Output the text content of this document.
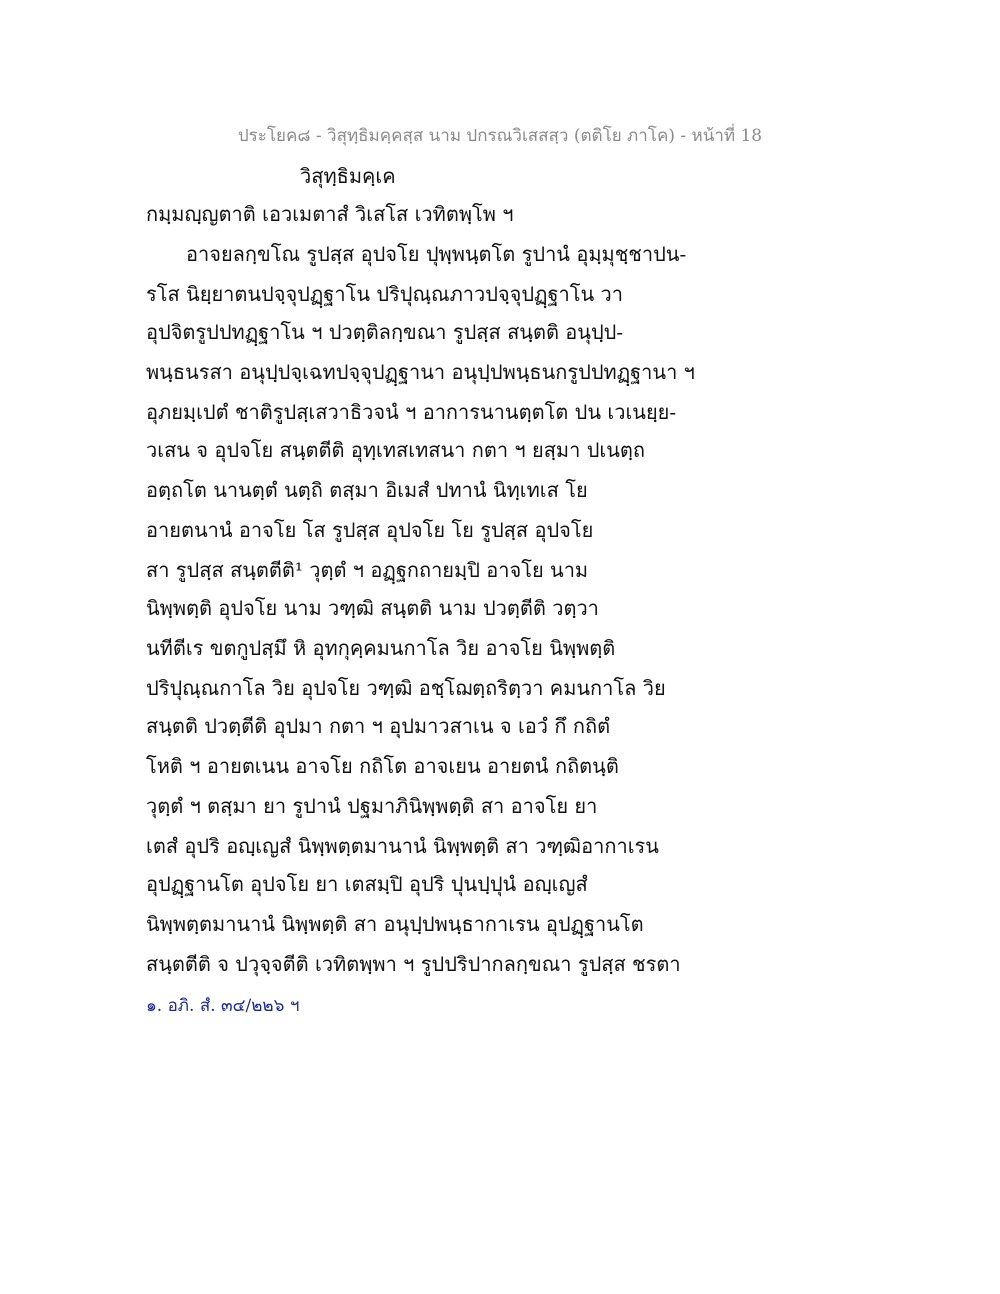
ประโยค๘ - วิสุทฺธิมคฺคสฺส นาม ปกรณวิเสสสฺว (ตติโย ภาโค) - หน้าที่ 18
วิสุทฺธิมคฺเค
กมฺมญฺญตาติ เอวเมตาสํ วิเสโส เวทิตพฺโพ ฯ
อาจยลกฺขโณ รูปสฺส อุปจโย ปุพฺพนฺตโต รูปานํ อุมฺมุชฺชาปน-
รโส นิยฺยาตนปจฺจุปฏฺฐาโน ปริปุณฺณภาวปจฺจุปฏฺฐาโน วา
อุปจิตรูปปทฏฺฐาโน ฯ ปวตฺติลกฺขณา รูปสฺส สนฺตติ อนุปฺป-
พนฺธนรสา อนุปฺปจฺเฉทปจฺจุปฏฺฐานา อนุปฺปพนฺธนกรูปปทฏฺฐานา ฯ
อุภยมฺเปตํ ชาติรูปสฺเสวาธิวจนํ ฯ อาการนานตฺตโต ปน เวเนยฺย-
วเสน จ อุปจโย สนฺตตีติ อุทฺเทสเทสนา กตา ฯ ยสฺมา ปเนตฺถ
อตฺถโต นานตฺตํ นตฺถิ ตสฺมา อิเมสํ ปทานํ นิทฺเทเส โย
อายตนานํ อาจโย โส รูปสฺส อุปจโย โย รูปสฺส อุปจโย
สา รูปสฺส สนฺตตีติ¹ วุตฺตํ ฯ อฏฺฐกถายมฺปิ อาจโย นาม
นิพฺพตฺติ อุปจโย นาม วฑฺฒิ สนฺตติ นาม ปวตฺตีติ วตฺวา
นทีตีเร ขตกูปสฺมึ หิ อุทกุคฺคมนกาโล วิย อาจโย นิพฺพตฺติ
ปริปุณฺณกาโล วิย อุปจโย วฑฺฒิ อชฺโฌตฺถริตฺวา คมนกาโล วิย
สนฺตติ ปวตฺตีติ อุปมา กตา ฯ อุปมาวสาเน จ เอวํ กึ กถิตํ
โหติ ฯ อายตเนน อาจโย กถิโต อาจเยน อายตนํ กถิตนฺติ
วุตฺตํ ฯ ตสฺมา ยา รูปานํ ปฐมาภินิพฺพตฺติ สา อาจโย ยา
เตสํ อุปริ อญฺเญสํ นิพฺพตฺตมานานํ นิพฺพตฺติ สา วฑฺฒิอากาเรน
อุปฏฺฐานโต อุปจโย ยา เตสมฺปิ อุปริ ปุนปฺปุนํ อญฺเญสํ
นิพฺพตฺตมานานํ นิพฺพตฺติ สา อนุปฺปพนฺธากาเรน อุปฏฺฐานโต
สนฺตตีติ จ ปวุจฺจตีติ เวทิตพฺพา ฯ รูปปริปากลกฺขณา รูปสฺส ชรตา
๑. อภิ. สํ. ๓๔/๒๒๖ ฯ
